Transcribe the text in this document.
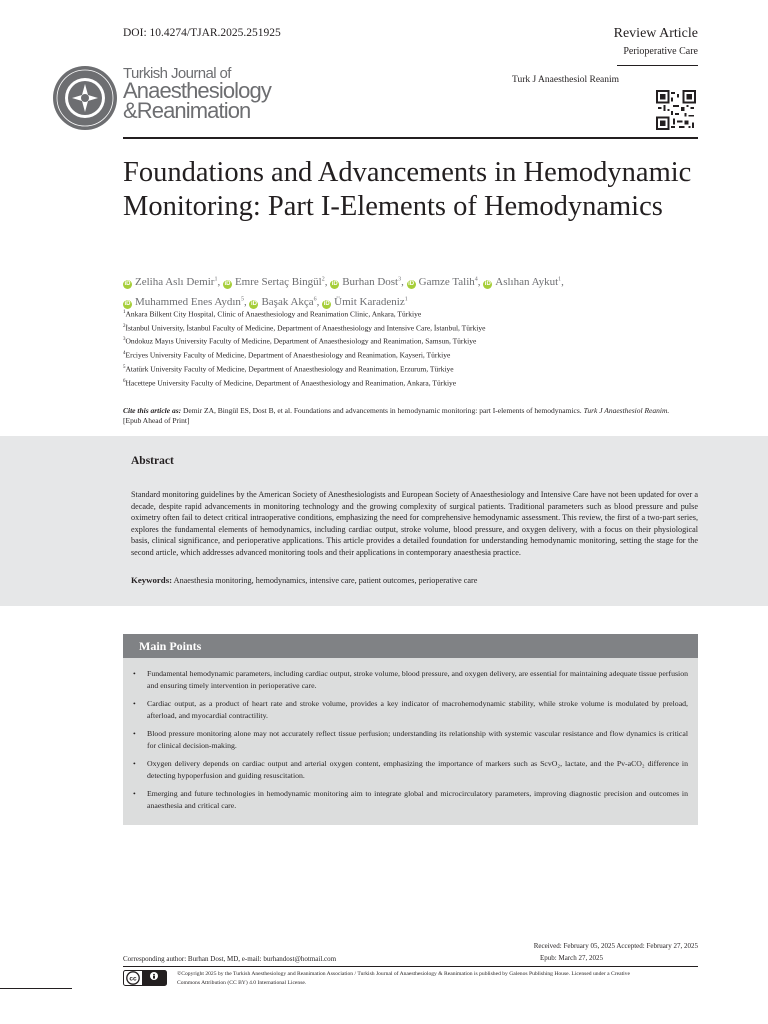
DOI: 10.4274/TJAR.2025.251925	Review Article
Perioperative Care
Turk J Anaesthesiol Reanim
Turkish Journal of
Anaesthesiology
&Reanimation
Foundations and Advancements in Hemodynamic Monitoring: Part I-Elements of Hemodynamics
iD Zeliha Aslı Demir$^1$, iD Emre Sertaç Bingül$^2$, iD Burhan Dost$^3$, iD Gamze Talih$^4$, iD Aslıhan Aykut$^1$,
iD Muhammed Enes Aydın$^5$, iD Başak Akça$^6$, iD Ümit Karadeniz$^1$
$^1$Ankara Bilkent City Hospital, Clinic of Anaesthesiology and Reanimation Clinic, Ankara, Türkiye
$^2$İstanbul University, İstanbul Faculty of Medicine, Department of Anaesthesiology and Intensive Care, İstanbul, Türkiye
$^3$Ondokuz Mayıs University Faculty of Medicine, Department of Anaesthesiology and Reanimation, Samsun, Türkiye
$^4$Erciyes University Faculty of Medicine, Department of Anaesthesiology and Reanimation, Kayseri, Türkiye
$^5$Atatürk University Faculty of Medicine, Department of Anaesthesiology and Reanimation, Erzurum, Türkiye
$^6$Hacettepe University Faculty of Medicine, Department of Anaesthesiology and Reanimation, Ankara, Türkiye
Cite this article as: Demir ZA, Bingül ES, Dost B, et al. Foundations and advancements in hemodynamic monitoring: part I-elements of hemodynamics. Turk J Anaesthesiol Reanim.
[Epub Ahead of Print]
Abstract
Standard monitoring guidelines by the American Society of Anesthesiologists and European Society of Anaesthesiology and Intensive Care have not been updated for over a decade, despite rapid advancements in monitoring technology and the growing complexity of surgical patients. Traditional parameters such as blood pressure and pulse oximetry often fail to detect critical intraoperative conditions, emphasizing the need for comprehensive hemodynamic assessment. This review, the first of a two-part series, explores the fundamental elements of hemodynamics, including cardiac output, stroke volume, blood pressure, and oxygen delivery, with a focus on their physiological basis, clinical significance, and perioperative applications. This article provides a detailed foundation for understanding hemodynamic monitoring, setting the stage for the second article, which addresses advanced monitoring tools and their applications in contemporary anaesthesia practice.
Keywords: Anaesthesia monitoring, hemodynamics, intensive care, patient outcomes, perioperative care
Main Points
• Fundamental hemodynamic parameters, including cardiac output, stroke volume, blood pressure, and oxygen delivery, are essential for maintaining adequate tissue perfusion and ensuring timely intervention in perioperative care.
• Cardiac output, as a product of heart rate and stroke volume, provides a key indicator of macrohemodynamic stability, while stroke volume is modulated by preload, afterload, and myocardial contractility.
• Blood pressure monitoring alone may not accurately reflect tissue perfusion; understanding its relationship with systemic vascular resistance and flow dynamics is critical for clinical decision-making.
• Oxygen delivery depends on cardiac output and arterial oxygen content, emphasizing the importance of markers such as ScvO₂, lactate, and the Pv-aCO₂ difference in detecting hypoperfusion and guiding resuscitation.
• Emerging and future technologies in hemodynamic monitoring aim to integrate global and microcirculatory parameters, improving diagnostic precision and outcomes in anaesthesia and critical care.
Received: February 05, 2025 Accepted: February 27, 2025
Epub: March 27, 2025
Corresponding author: Burhan Dost, MD, e-mail: burhandost@hotmail.com
cc
©Copyright 2025 by the Turkish Anesthesiology and Reanimation Association / Turkish Journal of Anaesthesiology & Reanimation is published by Galenos Publishing House. Licensed under a Creative Commons Attribution (CC BY) 4.0 International License.
